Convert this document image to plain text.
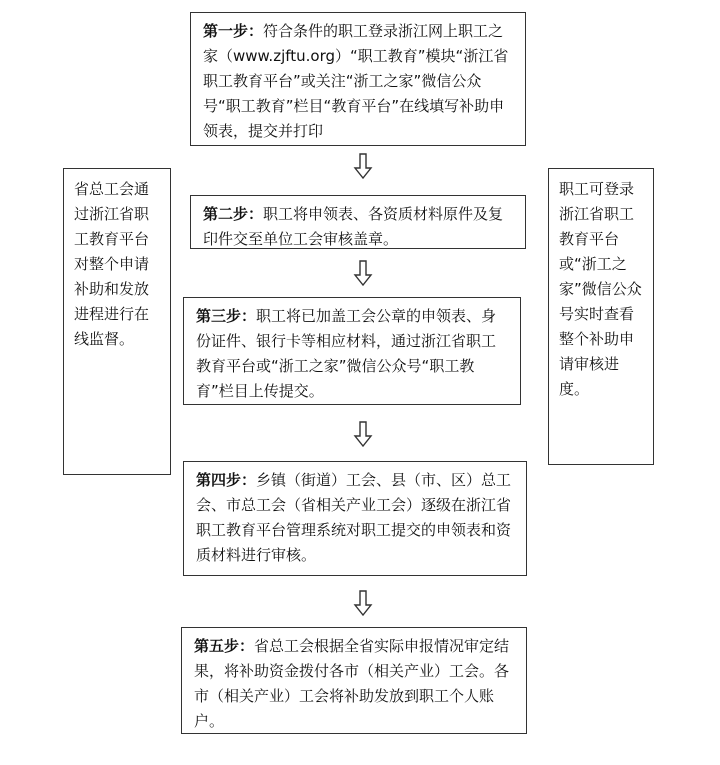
第一步：符合条件的职工登录浙江网上职工之家（www.zjftu.org）“职工教育”模块“浙江省职工教育平台”或关注“浙工之家”微信公众号“职工教育”栏目“教育平台”在线填写补助申领表，提交并打印
第二步：职工将申领表、各资质材料原件及复印件交至单位工会审核盖章。
第三步：职工将已加盖工会公章的申领表、身份证件、银行卡等相应材料，通过浙江省职工教育平台或“浙工之家”微信公众号“职工教育”栏目上传提交。
第四步：乡镇（街道）工会、县（市、区）总工会、市总工会（省相关产业工会）逐级在浙江省职工教育平台管理系统对职工提交的申领表和资质材料进行审核。
第五步：省总工会根据全省实际申报情况审定结果，将补助资金拨付各市（相关产业）工会。各市（相关产业）工会将补助发放到职工个人账户。
省总工会通过浙江省职工教育平台对整个申请补助和发放进程进行在线监督。
职工可登录浙江省职工教育平台或“浙工之家”微信公众号实时查看整个补助申请审核进度。
